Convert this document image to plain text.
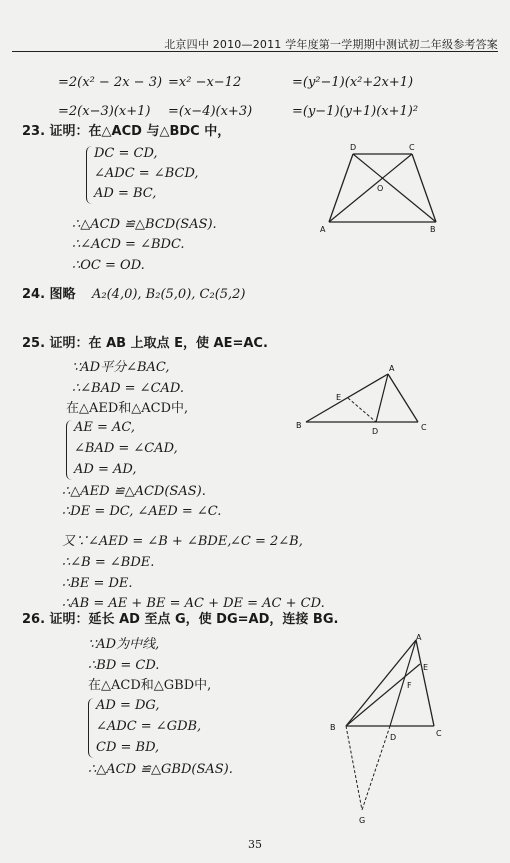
北京四中 2010—2011 学年度第一学期期中测试初二年级参考答案
=2(x² − 2x − 3) =x² −x−12	=(y²−1)(x²+2x+1)
=2(x−3)(x+1) =(x−4)(x+3)	=(y−1)(y+1)(x+1)²
23. 证明：在△ACD 与△BDC 中，
DC = CD,
∠ADC = ∠BCD,
AD = BC,
∴△ACD ≌△BCD(SAS).
∴∠ACD = ∠BDC.
∴OC = OD.
D	C
A	B
O
24. 图略 A₂(4,0), B₂(5,0), C₂(5,2)
25. 证明：在 AB 上取点 E，使 AE=AC.
∵AD平分∠BAC,
∴∠BAD = ∠CAD.
在△AED和△ACD中,
AE = AC,
∠BAD = ∠CAD,
AD = AD,
∴△AED ≌△ACD(SAS).
∴DE = DC, ∠AED = ∠C.
又∵∠AED = ∠B + ∠BDE,
∠C = 2∠B,
∴∠B = ∠BDE.
∴BE = DE.
∴AB = AE + BE = AC + DE = AC + CD.
A
B	C
D
E
26. 证明：延长 AD 至点 G，使 DG=AD，连接 BG.
∵AD为中线,
∴BD = CD.
在△ACD和△GBD中,
AD = DG,
∠ADC = ∠GDB,
CD = BD,
∴△ACD ≌△GBD(SAS).
A
B
C
D
E
F
G
35
